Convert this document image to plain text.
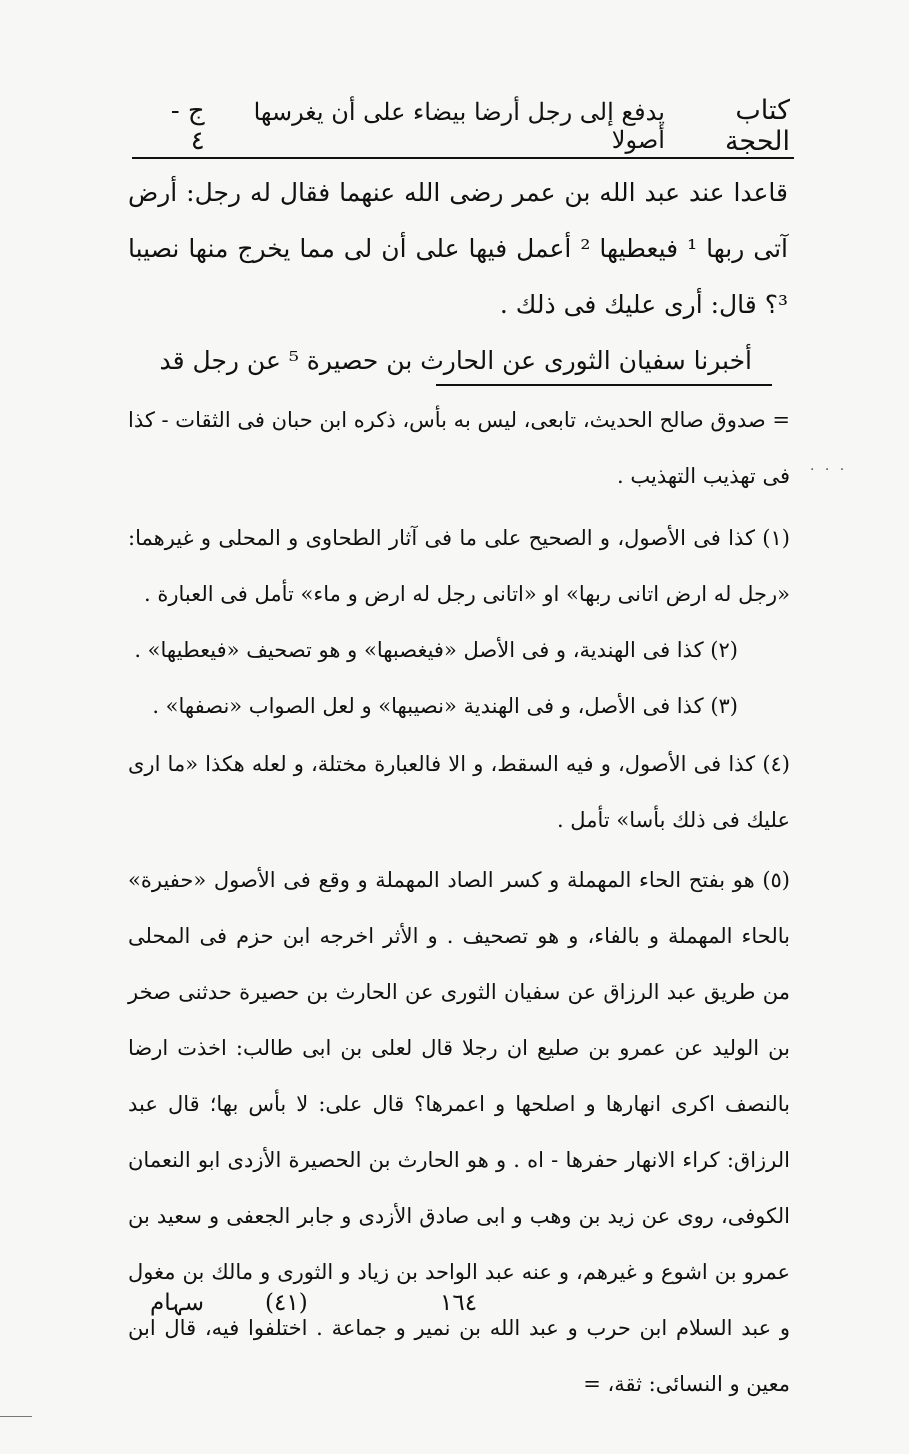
كتاب الحجة
يدفع إلى رجل أرضا بيضاء على أن يغرسها أصولا
ج - ٤

قاعدا عند عبد الله بن عمر رضى الله عنهما فقال له رجل: أرض آتى ربها ¹ فيعطيها ² أعمل فيها على أن لى مما يخرج منها نصيبا ³؟ قال: أرى عليك فى ذلك .

أخبرنا سفيان الثورى عن الحارث بن حصيرة ⁵ عن رجل قد

= صدوق صالح الحديث، تابعى، ليس به بأس، ذكره ابن حبان فى الثقات - كذا فى تهذيب التهذيب .

(١) كذا فى الأصول، و الصحيح على ما فى آثار الطحاوى و المحلى و غيرهما: «رجل له ارض اتانى ربها» او «اتانى رجل له ارض و ماء» تأمل فى العبارة .

(٢) كذا فى الهندية، و فى الأصل «فيغصبها» و هو تصحيف «فيعطيها» .

(٣) كذا فى الأصل، و فى الهندية «نصيبها» و لعل الصواب «نصفها» .

(٤) كذا فى الأصول، و فيه السقط، و الا فالعبارة مختلة، و لعله هكذا «ما ارى عليك فى ذلك بأسا» تأمل .

(٥) هو بفتح الحاء المهملة و كسر الصاد المهملة و وقع فى الأصول «حفيرة» بالحاء المهملة و بالفاء، و هو تصحيف . و الأثر اخرجه ابن حزم فى المحلى من طريق عبد الرزاق عن سفيان الثورى عن الحارث بن حصيرة حدثنى صخر بن الوليد عن عمرو بن صليع ان رجلا قال لعلى بن ابى طالب: اخذت ارضا بالنصف اكرى انهارها و اصلحها و اعمرها؟ قال على: لا بأس بها؛ قال عبد الرزاق: كراء الانهار حفرها - اه . و هو الحارث بن الحصيرة الأزدى ابو النعمان الكوفى، روى عن زيد بن وهب و ابى صادق الأزدى و جابر الجعفى و سعيد بن عمرو بن اشوع و غيرهم، و عنه عبد الواحد بن زياد و الثورى و مالك بن مغول و عبد السلام ابن حرب و عبد الله بن نمير و جماعة . اختلفوا فيه، قال ابن معين و النسائى: ثقة، =

١٦٤
(٤١)
سہام
· · ·
